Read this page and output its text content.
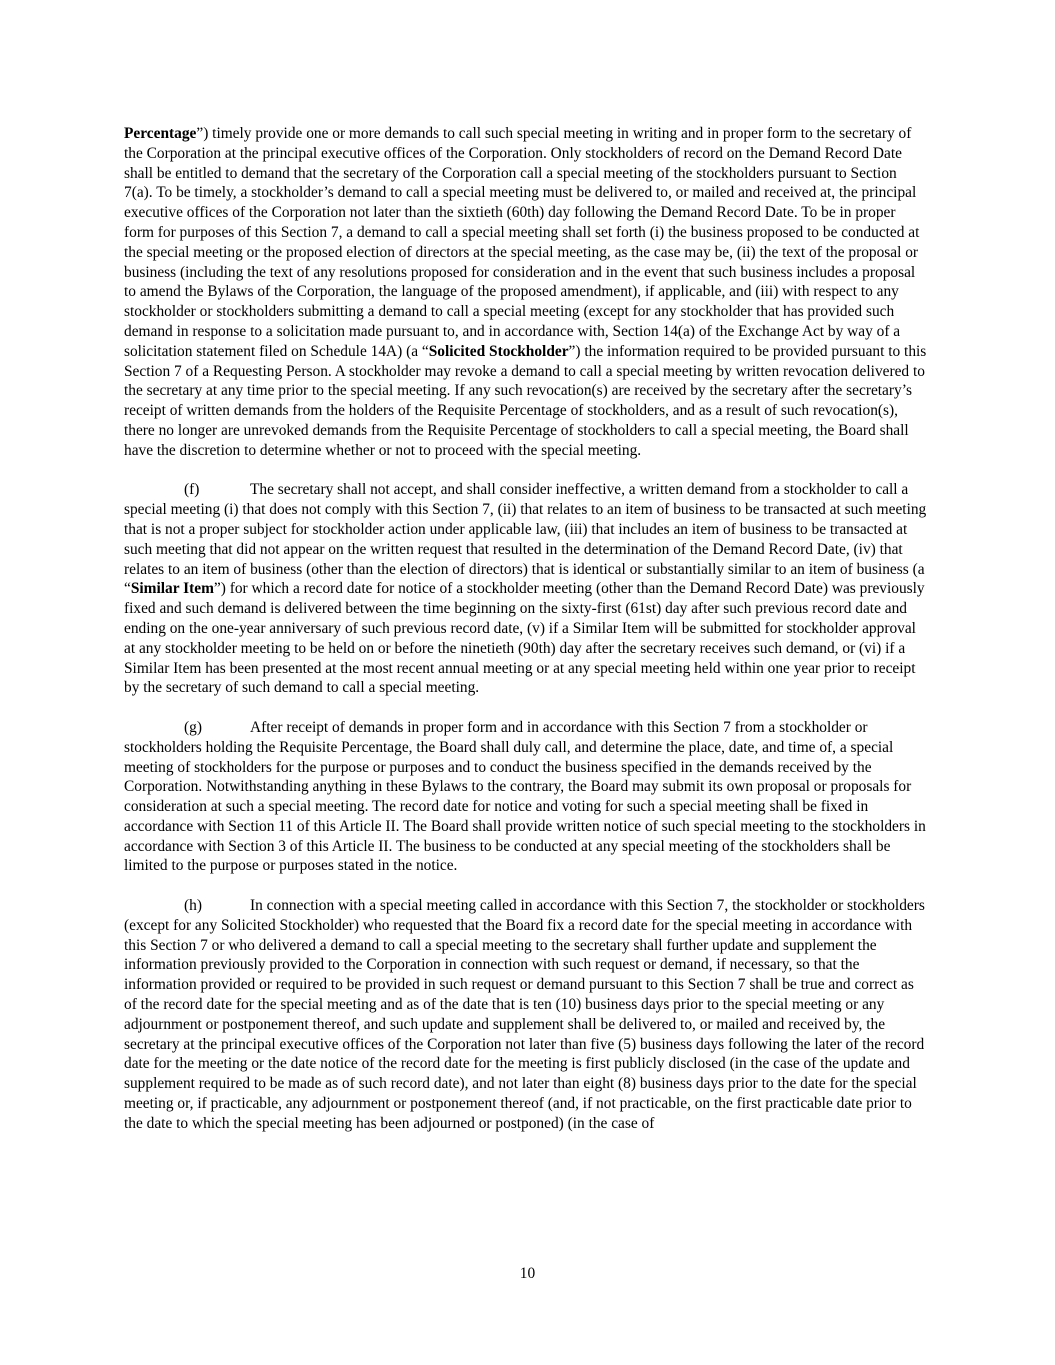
Percentage”) timely provide one or more demands to call such special meeting in writing and in proper form to the secretary of the Corporation at the principal executive offices of the Corporation. Only stockholders of record on the Demand Record Date shall be entitled to demand that the secretary of the Corporation call a special meeting of the stockholders pursuant to Section 7(a). To be timely, a stockholder’s demand to call a special meeting must be delivered to, or mailed and received at, the principal executive offices of the Corporation not later than the sixtieth (60th) day following the Demand Record Date. To be in proper form for purposes of this Section 7, a demand to call a special meeting shall set forth (i) the business proposed to be conducted at the special meeting or the proposed election of directors at the special meeting, as the case may be, (ii) the text of the proposal or business (including the text of any resolutions proposed for consideration and in the event that such business includes a proposal to amend the Bylaws of the Corporation, the language of the proposed amendment), if applicable, and (iii) with respect to any stockholder or stockholders submitting a demand to call a special meeting (except for any stockholder that has provided such demand in response to a solicitation made pursuant to, and in accordance with, Section 14(a) of the Exchange Act by way of a solicitation statement filed on Schedule 14A) (a “Solicited Stockholder”) the information required to be provided pursuant to this Section 7 of a Requesting Person. A stockholder may revoke a demand to call a special meeting by written revocation delivered to the secretary at any time prior to the special meeting. If any such revocation(s) are received by the secretary after the secretary’s receipt of written demands from the holders of the Requisite Percentage of stockholders, and as a result of such revocation(s), there no longer are unrevoked demands from the Requisite Percentage of stockholders to call a special meeting, the Board shall have the discretion to determine whether or not to proceed with the special meeting.

(f)	The secretary shall not accept, and shall consider ineffective, a written demand from a stockholder to call a special meeting (i) that does not comply with this Section 7, (ii) that relates to an item of business to be transacted at such meeting that is not a proper subject for stockholder action under applicable law, (iii) that includes an item of business to be transacted at such meeting that did not appear on the written request that resulted in the determination of the Demand Record Date, (iv) that relates to an item of business (other than the election of directors) that is identical or substantially similar to an item of business (a “Similar Item”) for which a record date for notice of a stockholder meeting (other than the Demand Record Date) was previously fixed and such demand is delivered between the time beginning on the sixty-first (61st) day after such previous record date and ending on the one-year anniversary of such previous record date, (v) if a Similar Item will be submitted for stockholder approval at any stockholder meeting to be held on or before the ninetieth (90th) day after the secretary receives such demand, or (vi) if a Similar Item has been presented at the most recent annual meeting or at any special meeting held within one year prior to receipt by the secretary of such demand to call a special meeting.

(g)	After receipt of demands in proper form and in accordance with this Section 7 from a stockholder or stockholders holding the Requisite Percentage, the Board shall duly call, and determine the place, date, and time of, a special meeting of stockholders for the purpose or purposes and to conduct the business specified in the demands received by the Corporation. Notwithstanding anything in these Bylaws to the contrary, the Board may submit its own proposal or proposals for consideration at such a special meeting. The record date for notice and voting for such a special meeting shall be fixed in accordance with Section 11 of this Article II. The Board shall provide written notice of such special meeting to the stockholders in accordance with Section 3 of this Article II. The business to be conducted at any special meeting of the stockholders shall be limited to the purpose or purposes stated in the notice.

(h)	In connection with a special meeting called in accordance with this Section 7, the stockholder or stockholders (except for any Solicited Stockholder) who requested that the Board fix a record date for the special meeting in accordance with this Section 7 or who delivered a demand to call a special meeting to the secretary shall further update and supplement the information previously provided to the Corporation in connection with such request or demand, if necessary, so that the information provided or required to be provided in such request or demand pursuant to this Section 7 shall be true and correct as of the record date for the special meeting and as of the date that is ten (10) business days prior to the special meeting or any adjournment or postponement thereof, and such update and supplement shall be delivered to, or mailed and received by, the secretary at the principal executive offices of the Corporation not later than five (5) business days following the later of the record date for the meeting or the date notice of the record date for the meeting is first publicly disclosed (in the case of the update and supplement required to be made as of such record date), and not later than eight (8) business days prior to the date for the special meeting or, if practicable, any adjournment or postponement thereof (and, if not practicable, on the first practicable date prior to the date to which the special meeting has been adjourned or postponed) (in the case of

10
